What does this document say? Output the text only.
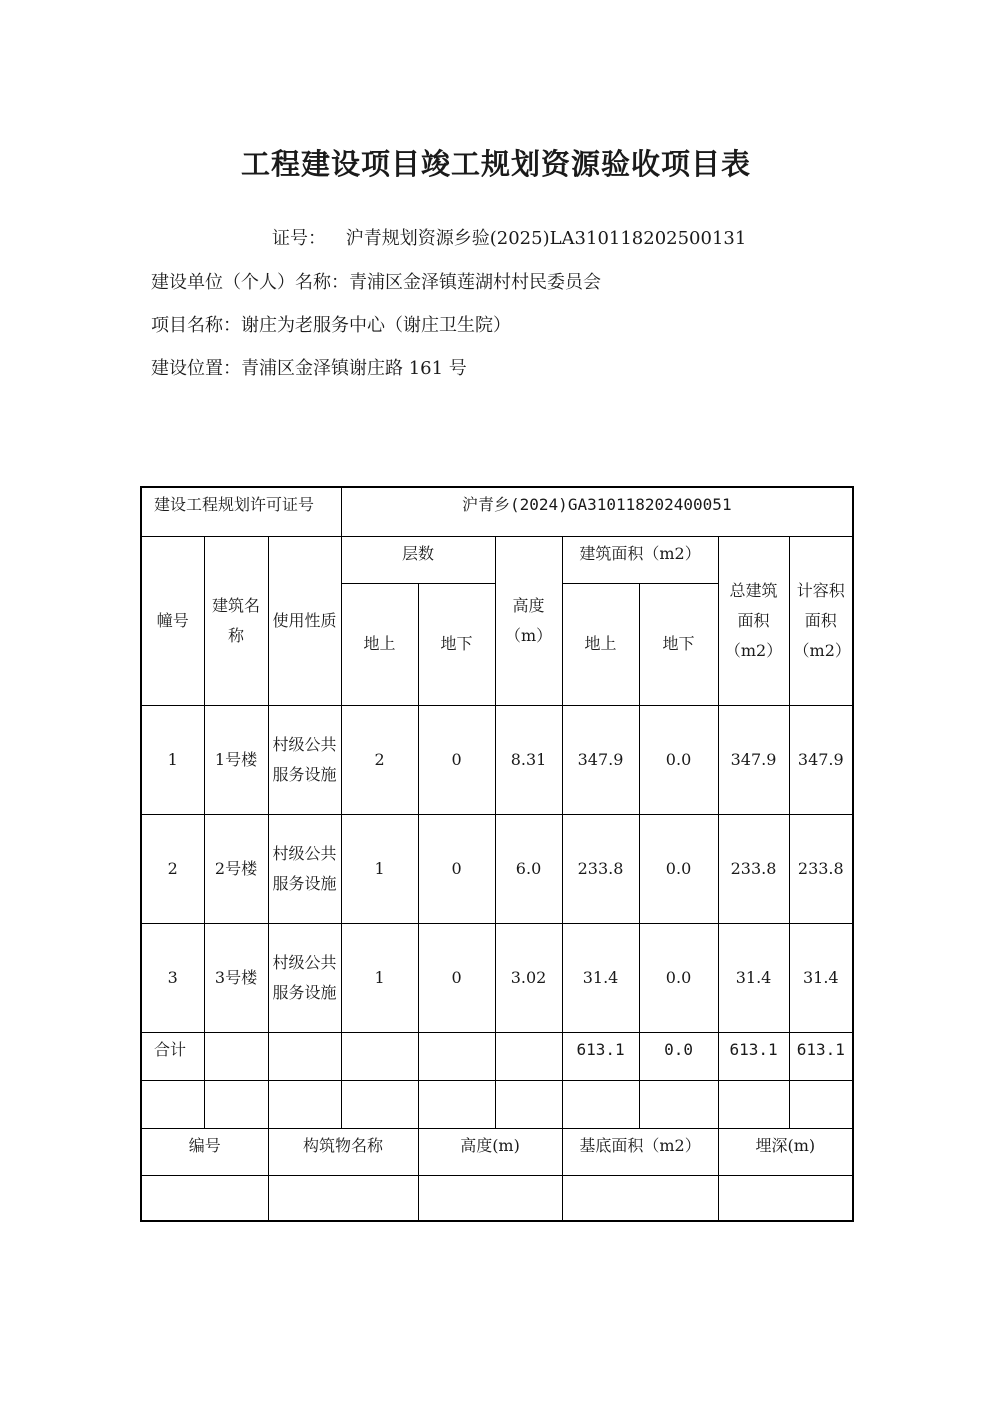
工程建设项目竣工规划资源验收项目表
证号： 沪青规划资源乡验(2025)LA310118202500131
建设单位（个人）名称：青浦区金泽镇莲湖村村民委员会
项目名称：谢庄为老服务中心（谢庄卫生院）
建设位置：青浦区金泽镇谢庄路 161 号
建设工程规划许可证号			沪青乡(2024)GA310118202400051						
幢号	建筑名称	使用性质	层数		高度（m）	建筑面积（m2）		总建筑面积（m2）	计容积面积（m2）
			地上	地下		地上	地下		
1	1号楼	村级公共服务设施	2	0	8.31	347.9	0.0	347.9	347.9
2	2号楼	村级公共服务设施	1	0	6.0	233.8	0.0	233.8	233.8
3	3号楼	村级公共服务设施	1	0	3.02	31.4	0.0	31.4	31.4
合计						613.1	0.0	613.1	613.1

编号		构筑物名称		高度(m)		基底面积（m2）		埋深(m)	
